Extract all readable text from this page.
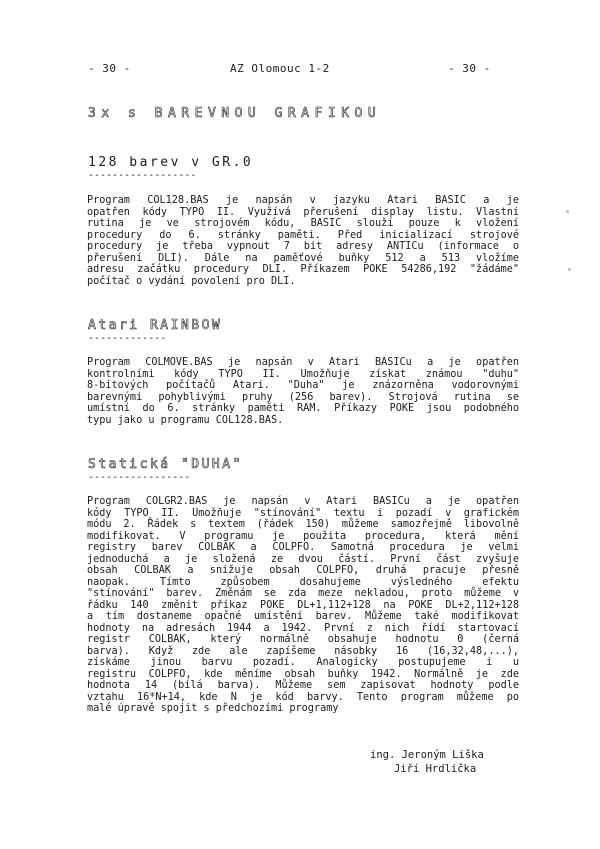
- 30 -	AZ Olomouc 1-2	- 30 -
3x s BAREVNOU GRAFIKOU
128 barev v GR.0
------------------
Program COL128.BAS je napsán v jazyku Atari BASIC a je
opatřen kódy TYPO II. Využívá přerušení display listu. Vlastní
rutina je ve strojovém kódu, BASIC slouží pouze k vložení
procedury do 6. stránky paměti. Před inicializací strojové
procedury je třeba vypnout 7 bit adresy ANTICu (informace o
přerušení DLI). Dále na paměťové buňky 512 a 513 vložíme
adresu začátku procedury DLI. Příkazem POKE 54286,192 "žádáme"
počítač o vydání povolení pro DLI.
Atari RAINBOW
-------------
Program COLMOVE.BAS je napsán v Atari BASICu a je opatřen
kontrolními kódy TYPO II. Umožňuje získat známou "duhu"
8-bitových počítačů Atari. "Duha" je znázorněna vodorovnými
barevnými pohyblivými pruhy (256 barev). Strojová rutina se
umístní do 6. stránky paměti RAM. Příkazy POKE jsou podobného
typu jako u programu COL128.BAS.
Statická "DUHA"
-----------------
Program COLGR2.BAS je napsán v Atari BASICu a je opatřen
kódy TYPO II. Umožňuje "stínování" textu i pozadí v grafickém
módu 2. Řádek s textem (řádek 150) můžeme samozřejmě libovolně
modifikovat. V programu je použita procedura, která mění
registry barev COLBAK a COLPFO. Samotná procedura je velmi
jednoduchá a je složená ze dvou částí. První část zvyšuje
obsah COLBAK a snižuje obsah COLPFO, druhá pracuje přesně
naopak. Tímto způsobem dosahujeme výsledného efektu
"stínování" barev. Změnám se zda meze nekladou, proto můžeme v
řádku 140 změnit příkaz POKE DL+1,112+128 na POKE DL+2,112+128
a tím dostaneme opačné umístění barev. Můžeme také modifikovat
hodnoty na adresách 1944 a 1942. První z nich řídí startovací
registr COLBAK, který normálně obsahuje hodnotu 0 (černá
barva). Když zde ale zapíšeme násobky 16 (16,32,48,...),
získáme jinou barvu pozadí. Analogicky postupujeme i u
registru COLPFO, kde měníme obsah buňky 1942. Normálně je zde
hodnota 14 (bílá barva). Můžeme sem zapisovat hodnoty podle
vztahu 16*N+14, kde N je kód barvy. Tento program můžeme po
malé úpravě spojit s předchozími programy
ing. Jeroným Liška
Jiří Hrdlička
